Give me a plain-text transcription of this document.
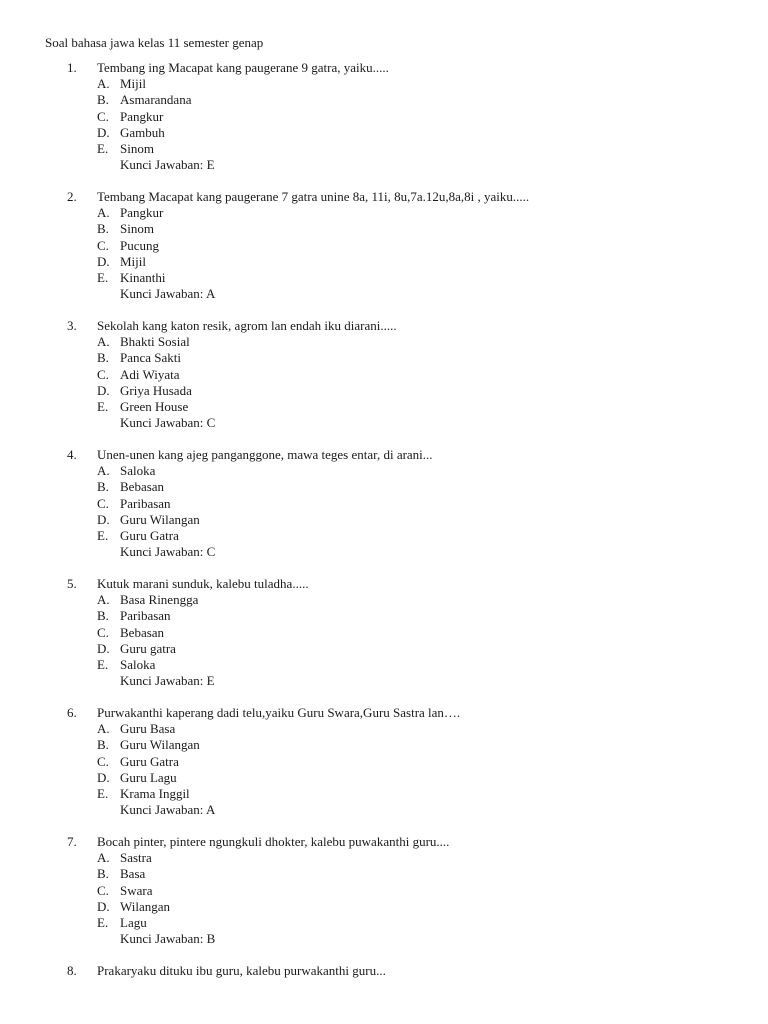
Soal bahasa jawa kelas 11 semester genap
1. Tembang ing Macapat kang paugerane 9 gatra, yaiku.....
A. Mijil
B. Asmarandana
C. Pangkur
D. Gambuh
E. Sinom
Kunci Jawaban: E
2. Tembang Macapat kang paugerane 7 gatra unine 8a, 11i, 8u,7a.12u,8a,8i , yaiku.....
A. Pangkur
B. Sinom
C. Pucung
D. Mijil
E. Kinanthi
Kunci Jawaban: A
3. Sekolah kang katon resik, agrom lan endah iku diarani.....
A. Bhakti Sosial
B. Panca Sakti
C. Adi Wiyata
D. Griya Husada
E. Green House
Kunci Jawaban: C
4. Unen-unen kang ajeg panganggone, mawa teges entar, di arani...
A. Saloka
B. Bebasan
C. Paribasan
D. Guru Wilangan
E. Guru Gatra
Kunci Jawaban: C
5. Kutuk marani sunduk, kalebu tuladha.....
A. Basa Rinengga
B. Paribasan
C. Bebasan
D. Guru gatra
E. Saloka
Kunci Jawaban: E
6. Purwakanthi kaperang dadi telu,yaiku Guru Swara,Guru Sastra lan….
A. Guru Basa
B. Guru Wilangan
C. Guru Gatra
D. Guru Lagu
E. Krama Inggil
Kunci Jawaban: A
7. Bocah pinter, pintere ngungkuli dhokter, kalebu puwakanthi guru....
A. Sastra
B. Basa
C. Swara
D. Wilangan
E. Lagu
Kunci Jawaban: B
8. Prakaryaku dituku ibu guru, kalebu purwakanthi guru...
